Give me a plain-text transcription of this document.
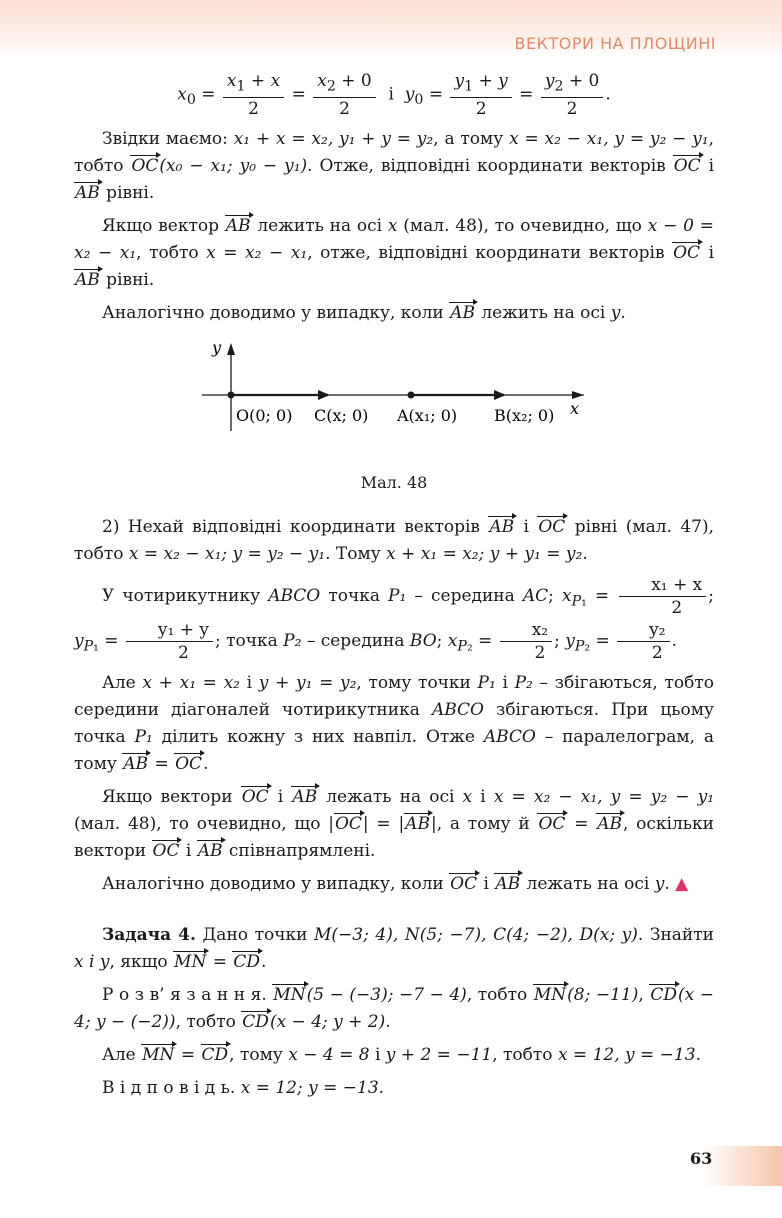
ВЕКТОРИ НА ПЛОЩИНІ
$x_0 = \frac{x_1 + x}{2} = \frac{x_2 + 0}{2}$ і  $y_0 = \frac{y_1 + y}{2} = \frac{y_2 + 0}{2}$ .

Звідки маємо: x₁ + x = x₂, y₁ + y = y₂, а тому x = x₂ − x₁, y = y₂ − y₁, тобто OC(x₀ − x₁; y₀ − y₁). Отже, відповідні координати векторів OC і AB рівні.

Якщо вектор AB лежить на осі x (мал. 48), то очевидно, що x − 0 = x₂ − x₁, тобто x = x₂ − x₁, отже, відповідні координати векторів OC і AB рівні.

Аналогічно доводимо у випадку, коли AB лежить на осі y.

y
x
O(0; 0) C(x; 0) A(x₁; 0) B(x₂; 0)
Мал. 48

2) Нехай відповідні координати векторів AB і OC рівні (мал. 47), тобто x = x₂ − x₁; y = y₂ − y₁. Тому x + x₁ = x₂; y + y₁ = y₂.

У чотирикутнику ABCO точка P₁ – середина AC; $x_{P_1} = \frac{\text{x₁ + x}}{2}$ ; $y_{P_1} = \frac{\text{y₁ + y}}{2}$ ; точка P₂ – середина BO; $x_{P_2} = \frac{\text{x₂}}{2}$ ; $y_{P_2} = \frac{\text{y₂}}{2}$ .

Але x + x₁ = x₂ і y + y₁ = y₂, тому точки P₁ і P₂ – збігаються, тобто середини діагоналей чотирикутника ABCO збігаються. При цьому точка P₁ ділить кожну з них навпіл. Отже ABCO – паралелограм, а тому AB = OC.

Якщо вектори OC і AB лежать на осі x і x = x₂ − x₁, y = y₂ − y₁ (мал. 48), то очевидно, що |OC| = |AB|, а тому й OC = AB, оскільки вектори OC і AB співнапрямлені.

Аналогічно доводимо у випадку, коли OC і AB лежать на осі y. ▲

Задача 4. Дано точки M(−3; 4), N(5; −7), C(4; −2), D(x; y). Знайти x і y, якщо MN = CD.

Р о з в’ я з а н н я. MN(5 − (−3); −7 − 4), тобто MN(8; −11), CD(x − 4; y − (−2)), тобто CD(x − 4; y + 2).

Але MN = CD, тому x − 4 = 8 і y + 2 = −11, тобто x = 12, y = −13.

В і д п о в і д ь. x = 12; y = −13.

63
